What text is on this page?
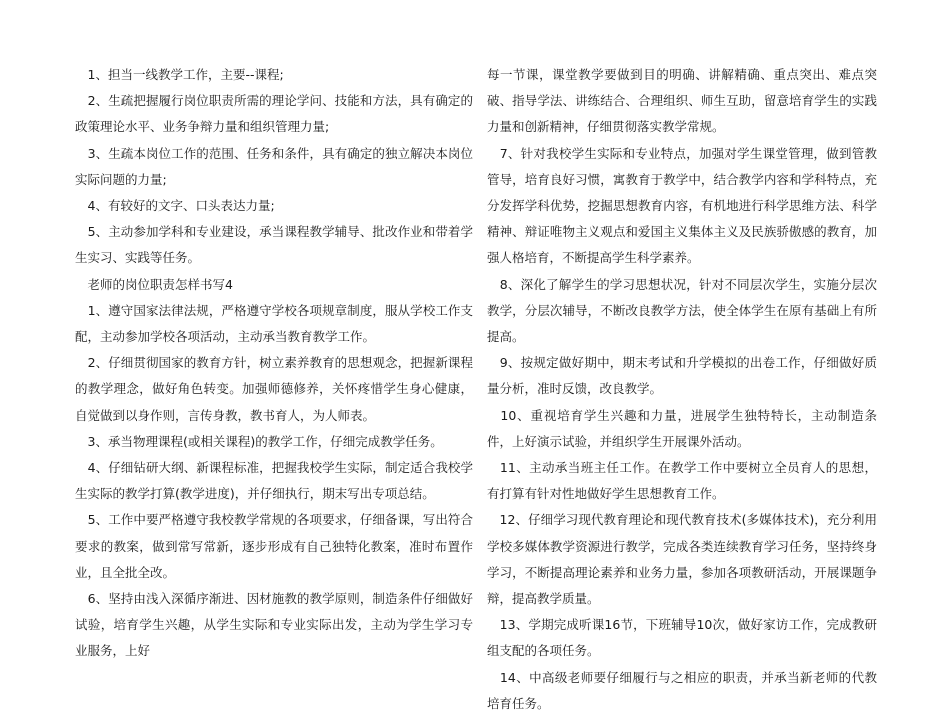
　1、担当一线教学工作，主要--课程;

　2、生疏把握履行岗位职责所需的理论学问、技能和方法，具有确定的政策理论水平、业务争辩力量和组织管理力量;

　3、生疏本岗位工作的范围、任务和条件，具有确定的独立解决本岗位实际问题的力量;

　4、有较好的文字、口头表达力量;

　5、主动参加学科和专业建设，承当课程教学辅导、批改作业和带着学生实习、实践等任务。

　老师的岗位职责怎样书写4

　1、遵守国家法律法规，严格遵守学校各项规章制度，服从学校工作支配，主动参加学校各项活动，主动承当教育教学工作。

　2、仔细贯彻国家的教育方针，树立素养教育的思想观念，把握新课程的教学理念，做好角色转变。加强师德修养，关怀疼惜学生身心健康，自觉做到以身作则，言传身教，教书育人，为人师表。

　3、承当物理课程(或相关课程)的教学工作，仔细完成教学任务。

　4、仔细钻研大纲、新课程标准，把握我校学生实际，制定适合我校学生实际的教学打算(教学进度)，并仔细执行，期末写出专项总结。

　5、工作中要严格遵守我校教学常规的各项要求，仔细备课，写出符合要求的教案，做到常写常新，逐步形成有自己独特化教案，准时布置作业，且全批全改。

　6、坚持由浅入深循序渐进、因材施教的教学原则，制造条件仔细做好试验，培育学生兴趣，从学生实际和专业实际出发，主动为学生学习专业服务，上好

每一节课，课堂教学要做到目的明确、讲解精确、重点突出、难点突破、指导学法、讲练结合、合理组织、师生互助，留意培育学生的实践力量和创新精神，仔细贯彻落实教学常规。

　7、针对我校学生实际和专业特点，加强对学生课堂管理，做到管教管导，培育良好习惯，寓教育于教学中，结合教学内容和学科特点，充分发挥学科优势，挖掘思想教育内容，有机地进行科学思维方法、科学精神、辩证唯物主义观点和爱国主义集体主义及民族骄傲感的教育，加强人格培育，不断提高学生科学素养。

　8、深化了解学生的学习思想状况，针对不同层次学生，实施分层次教学，分层次辅导，不断改良教学方法，使全体学生在原有基础上有所提高。

　9、按规定做好期中，期末考试和升学模拟的出卷工作，仔细做好质量分析，准时反馈，改良教学。

　10、重视培育学生兴趣和力量，进展学生独特特长，主动制造条件，上好演示试验，并组织学生开展课外活动。

　11、主动承当班主任工作。在教学工作中要树立全员育人的思想，有打算有针对性地做好学生思想教育工作。

　12、仔细学习现代教育理论和现代教育技术(多媒体技术)，充分利用学校多媒体教学资源进行教学，完成各类连续教育学习任务，坚持终身学习，不断提高理论素养和业务力量，参加各项教研活动，开展课题争辩，提高教学质量。

　13、学期完成听课16节，下班辅导10次，做好家访工作，完成教研组支配的各项任务。

　14、中高级老师要仔细履行与之相应的职责，并承当新老师的代教培育任务。
